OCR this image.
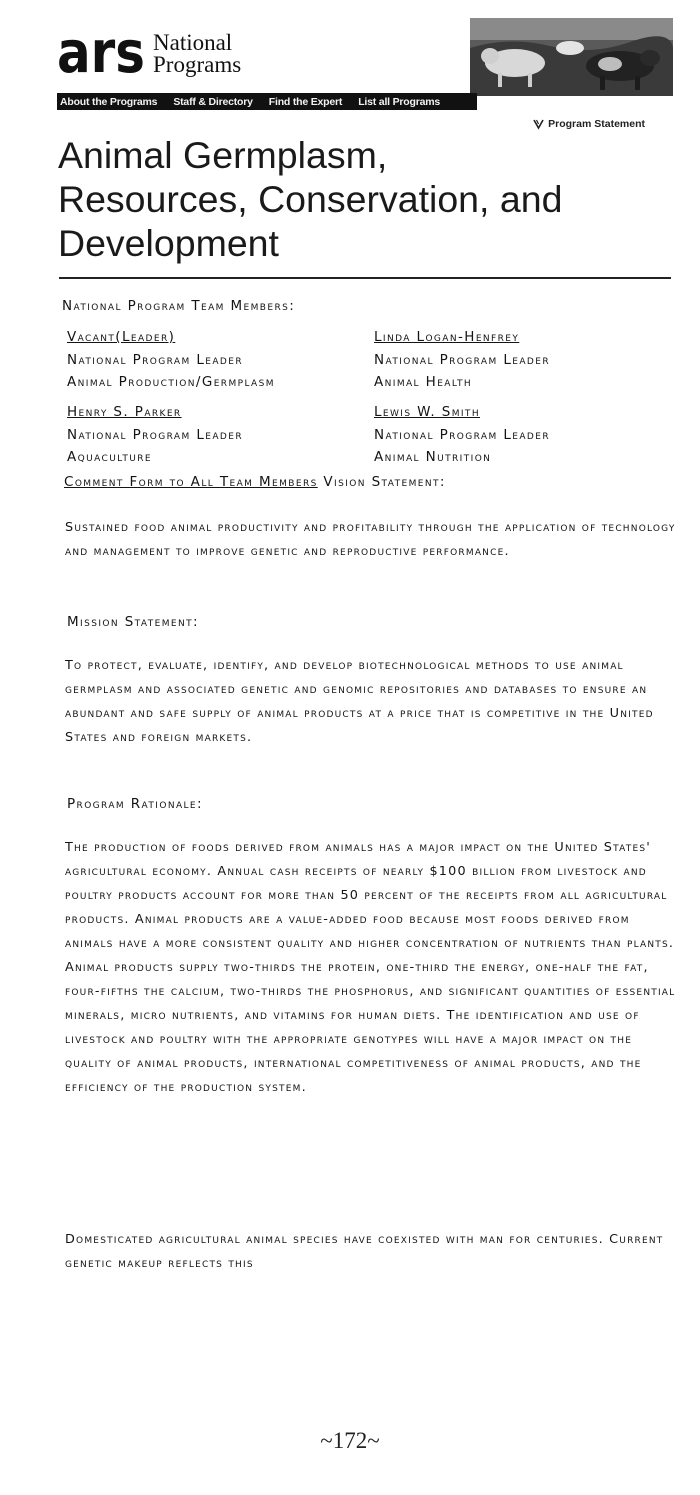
ars National
Programs
About the Programs Staff & Directory Find the Expert List all Programs
Program Statement
Animal Germplasm,
Resources, Conservation, and
Development
National Program Team Members:
Vacant(Leader)
National Program Leader
Animal Production/Germplasm
Linda Logan-Henfrey
National Program Leader
Animal Health
Henry S. Parker
National Program Leader
Aquaculture
Lewis W. Smith
National Program Leader
Animal Nutrition
Comment Form to All Team Members Vision Statement:

Sustained food animal productivity and profitability through the application of technology and management to improve genetic and reproductive performance.

Mission Statement:

To protect, evaluate, identify, and develop biotechnological methods to use animal germplasm and associated genetic and genomic repositories and databases to ensure an abundant and safe supply of animal products at a price that is competitive in the United States and foreign markets.

Program Rationale:

The production of foods derived from animals has a major impact on the United States' agricultural economy. Annual cash receipts of nearly $100 billion from livestock and poultry products account for more than 50 percent of the receipts from all agricultural products. Animal products are a value-added food because most foods derived from animals have a more consistent quality and higher concentration of nutrients than plants. Animal products supply two-thirds the protein, one-third the energy, one-half the fat, four-fifths the calcium, two-thirds the phosphorus, and significant quantities of essential minerals, micro nutrients, and vitamins for human diets. The identification and use of livestock and poultry with the appropriate genotypes will have a major impact on the quality of animal products, international competitiveness of animal products, and the efficiency of the production system.

Domesticated agricultural animal species have coexisted with man for centuries. Current genetic makeup reflects this

~172~
